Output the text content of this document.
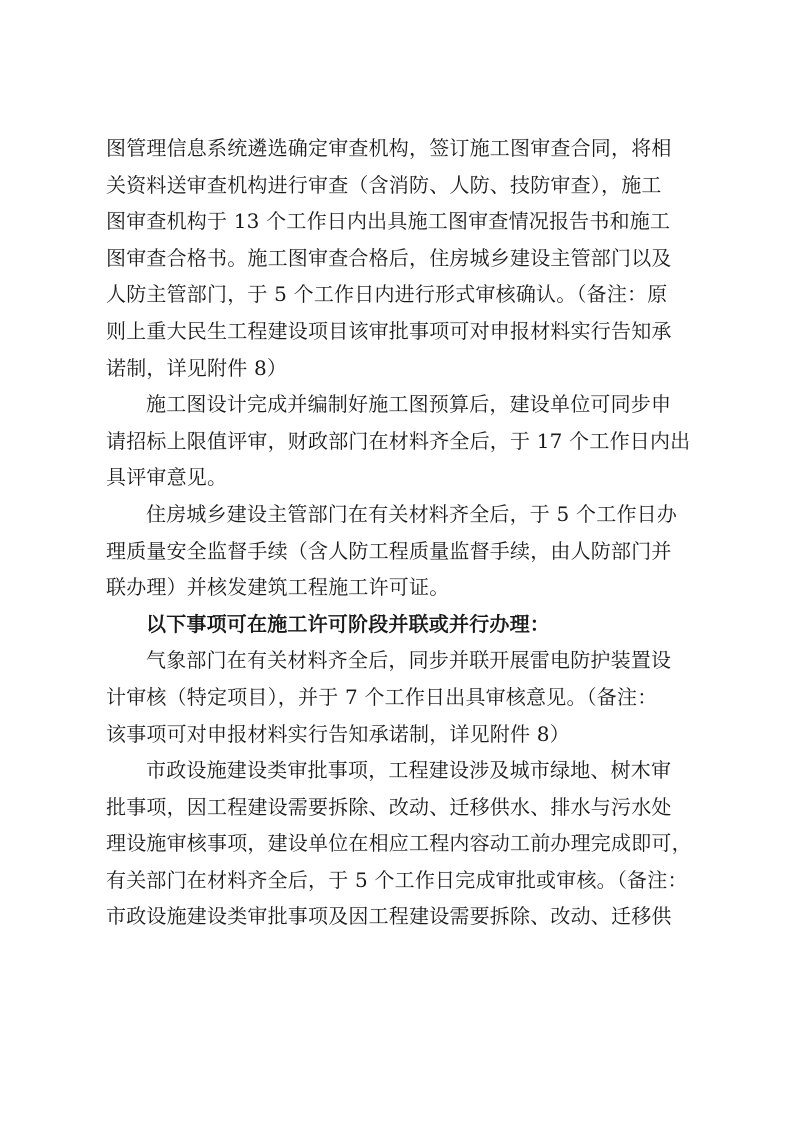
图管理信息系统遴选确定审查机构，签订施工图审查合同，将相
关资料送审查机构进行审查（含消防、人防、技防审查），施工
图审查机构于 13 个工作日内出具施工图审查情况报告书和施工
图审查合格书。施工图审查合格后，住房城乡建设主管部门以及
人防主管部门，于 5 个工作日内进行形式审核确认。（备注：原
则上重大民生工程建设项目该审批事项可对申报材料实行告知承
诺制，详见附件 8）

施工图设计完成并编制好施工图预算后，建设单位可同步申
请招标上限值评审，财政部门在材料齐全后，于 17 个工作日内出
具评审意见。

住房城乡建设主管部门在有关材料齐全后，于 5 个工作日办
理质量安全监督手续（含人防工程质量监督手续，由人防部门并
联办理）并核发建筑工程施工许可证。

以下事项可在施工许可阶段并联或并行办理：

气象部门在有关材料齐全后，同步并联开展雷电防护装置设
计审核（特定项目），并于 7 个工作日出具审核意见。（备注：
该事项可对申报材料实行告知承诺制，详见附件 8）

市政设施建设类审批事项，工程建设涉及城市绿地、树木审
批事项，因工程建设需要拆除、改动、迁移供水、排水与污水处
理设施审核事项，建设单位在相应工程内容动工前办理完成即可，
有关部门在材料齐全后，于 5 个工作日完成审批或审核。（备注：
市政设施建设类审批事项及因工程建设需要拆除、改动、迁移供
